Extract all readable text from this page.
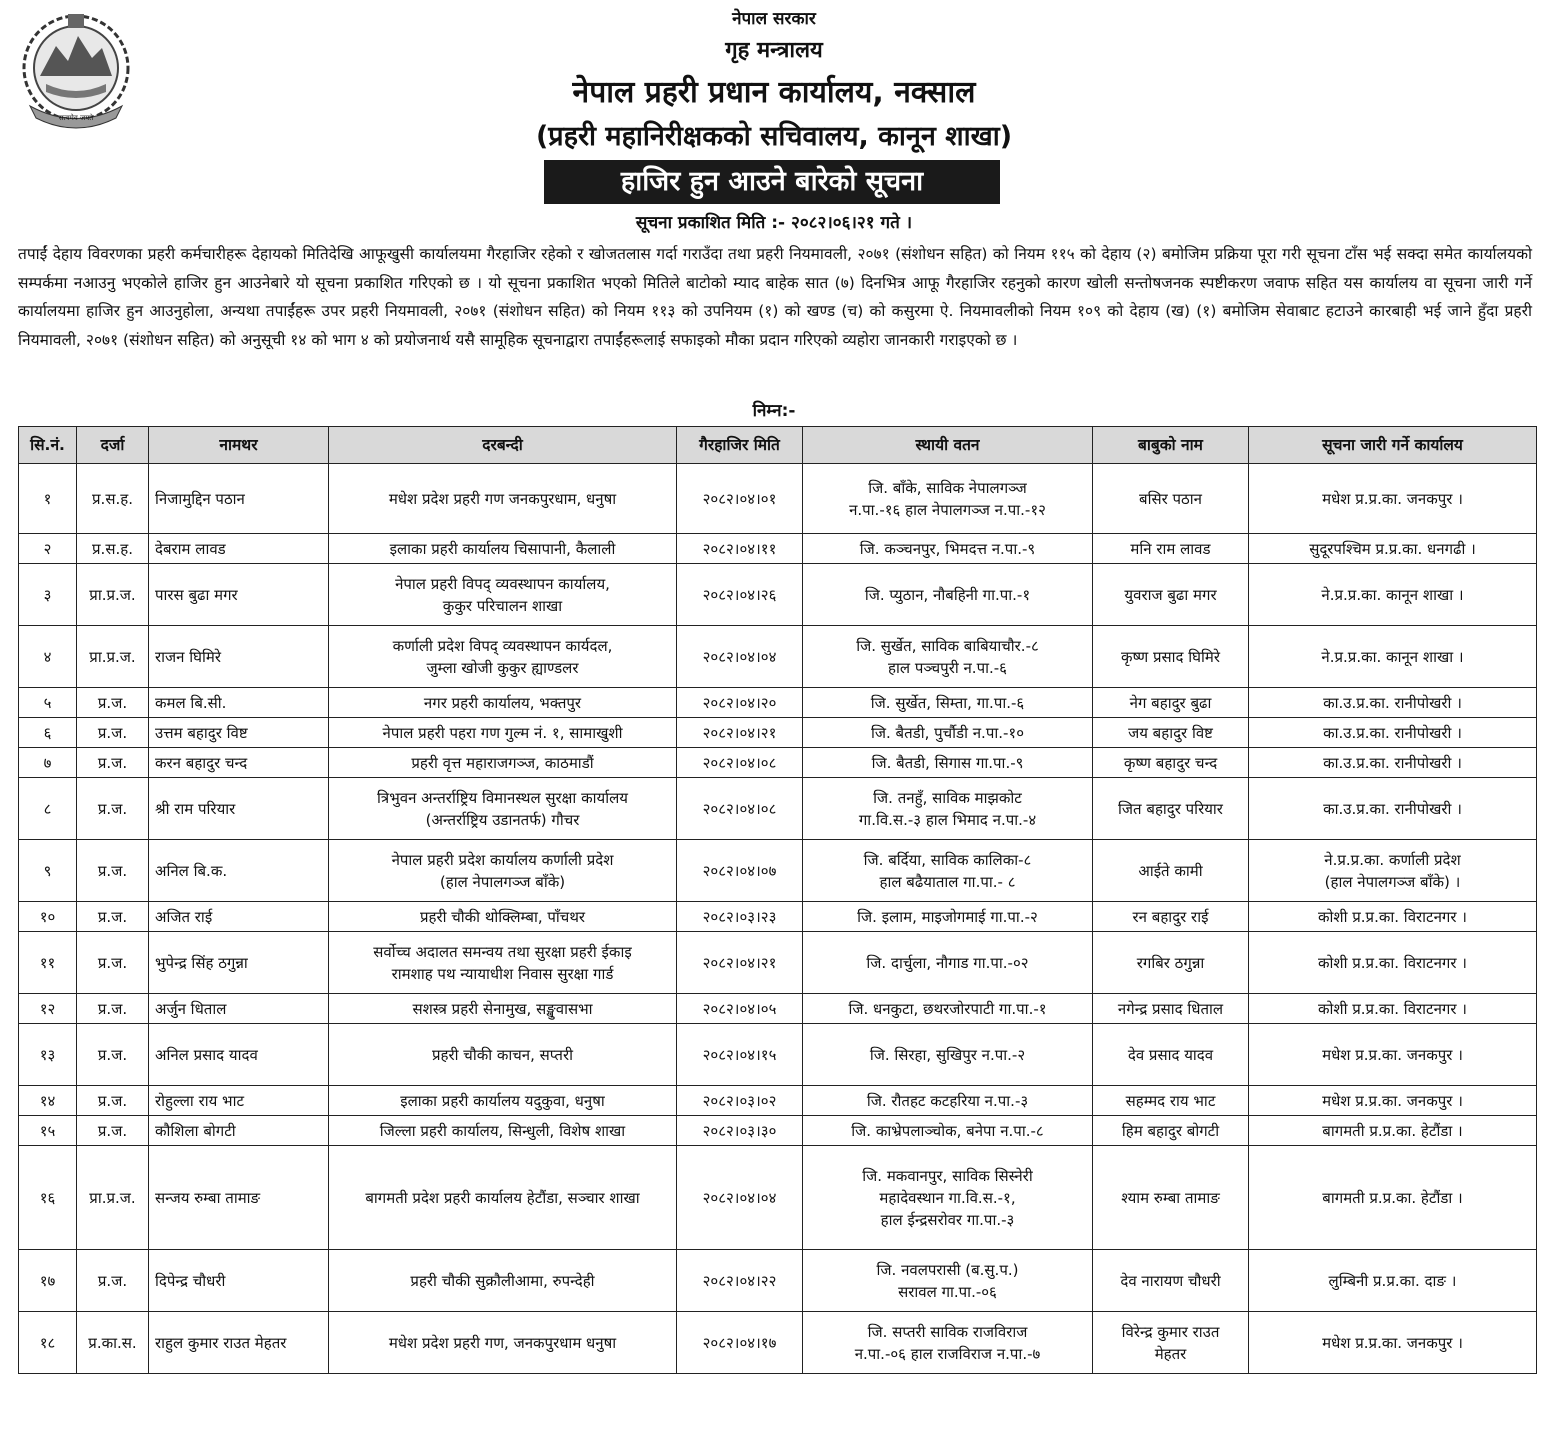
सत्यमेव जयते
नेपाल सरकार
गृह मन्त्रालय
नेपाल प्रहरी प्रधान कार्यालय, नक्साल
(प्रहरी महानिरीक्षकको सचिवालय, कानून शाखा)
हाजिर हुन आउने बारेको सूचना
सूचना प्रकाशित मिति :- २०८२।०६।२१ गते ।
तपाईं देहाय विवरणका प्रहरी कर्मचारीहरू देहायको मितिदेखि आफूखुसी कार्यालयमा गैरहाजिर रहेको र खोजतलास गर्दा गराउँदा तथा प्रहरी नियमावली, २०७१ (संशोधन सहित) को नियम ११५ को देहाय (२) बमोजिम प्रक्रिया पूरा गरी सूचना टाँस भई सक्दा समेत कार्यालयको सम्पर्कमा नआउनु भएकोले हाजिर हुन आउनेबारे यो सूचना प्रकाशित गरिएको छ । यो सूचना प्रकाशित भएको मितिले बाटोको म्याद बाहेक सात (७) दिनभित्र आफू गैरहाजिर रहनुको कारण खोली सन्तोषजनक स्पष्टीकरण जवाफ सहित यस कार्यालय वा सूचना जारी गर्ने कार्यालयमा हाजिर हुन आउनुहोला, अन्यथा तपाईंहरू उपर प्रहरी नियमावली, २०७१ (संशोधन सहित) को नियम ११३ को उपनियम (१) को खण्ड (च) को कसुरमा ऐ. नियमावलीको नियम १०९ को देहाय (ख) (१) बमोजिम सेवाबाट हटाउने कारबाही भई जाने हुँदा प्रहरी नियमावली, २०७१ (संशोधन सहित) को अनुसूची १४ को भाग ४ को प्रयोजनार्थ यसै सामूहिक सूचनाद्वारा तपाईंहरूलाई सफाइको मौका प्रदान गरिएको व्यहोरा जानकारी गराइएको छ ।
निम्न:-
सि.नं.	दर्जा	नामथर	दरबन्दी	गैरहाजिर मिति	स्थायी वतन	बाबुको नाम	सूचना जारी गर्ने कार्यालय
१	प्र.स.ह.	निजामुद्दिन पठान	मधेश प्रदेश प्रहरी गण जनकपुरधाम, धनुषा	२०८२।०४।०१	जि. बाँके, साविक नेपालगञ्ज
न.पा.-१६ हाल नेपालगञ्ज न.पा.-१२	बसिर पठान	मधेश प्र.प्र.का. जनकपुर ।

२	प्र.स.ह.	देबराम लावड	इलाका प्रहरी कार्यालय चिसापानी, कैलाली	२०८२।०४।११	जि. कञ्चनपुर, भिमदत्त न.पा.-९	मनि राम लावड	सुदूरपश्चिम प्र.प्र.का. धनगढी ।

३	प्रा.प्र.ज.	पारस बुढा मगर	नेपाल प्रहरी विपद् व्यवस्थापन कार्यालय,
कुकुर परिचालन शाखा	२०८२।०४।२६	जि. प्युठान, नौबहिनी गा.पा.-१	युवराज बुढा मगर	ने.प्र.प्र.का. कानून शाखा ।

४	प्रा.प्र.ज.	राजन घिमिरे	कर्णाली प्रदेश विपद् व्यवस्थापन कार्यदल,
जुम्ला खोजी कुकुर ह्याण्डलर	२०८२।०४।०४	जि. सुर्खेत, साविक बाबियाचौर.-८
हाल पञ्चपुरी न.पा.-६	कृष्ण प्रसाद घिमिरे	ने.प्र.प्र.का. कानून शाखा ।

५	प्र.ज.	कमल बि.सी.	नगर प्रहरी कार्यालय, भक्तपुर	२०८२।०४।२०	जि. सुर्खेत, सिम्ता, गा.पा.-६	नेग बहादुर बुढा	का.उ.प्र.का. रानीपोखरी ।

६	प्र.ज.	उत्तम बहादुर विष्ट	नेपाल प्रहरी पहरा गण गुल्म नं. १, सामाखुशी	२०८२।०४।२१	जि. बैतडी, पुर्चौडी न.पा.-१०	जय बहादुर विष्ट	का.उ.प्र.का. रानीपोखरी ।

७	प्र.ज.	करन बहादुर चन्द	प्रहरी वृत्त महाराजगञ्ज, काठमाडौं	२०८२।०४।०८	जि. बैतडी, सिगास गा.पा.-९	कृष्ण बहादुर चन्द	का.उ.प्र.का. रानीपोखरी ।

८	प्र.ज.	श्री राम परियार	त्रिभुवन अन्तर्राष्ट्रिय विमानस्थल सुरक्षा कार्यालय
(अन्तर्राष्ट्रिय उडानतर्फ) गौचर	२०८२।०४।०८	जि. तनहुँ, साविक माझकोट
गा.वि.स.-३ हाल भिमाद न.पा.-४	जित बहादुर परियार	का.उ.प्र.का. रानीपोखरी ।

९	प्र.ज.	अनिल बि.क.	नेपाल प्रहरी प्रदेश कार्यालय कर्णाली प्रदेश
(हाल नेपालगञ्ज बाँके)	२०८२।०४।०७	जि. बर्दिया, साविक कालिका-८
हाल बढैयाताल गा.पा.- ८	आईते कामी	ने.प्र.प्र.का. कर्णाली प्रदेश
(हाल नेपालगञ्ज बाँके) ।

१०	प्र.ज.	अजित राई	प्रहरी चौकी थोक्लिम्बा, पाँचथर	२०८२।०३।२३	जि. इलाम, माइजोगमाई गा.पा.-२	रन बहादुर राई	कोशी प्र.प्र.का. विराटनगर ।

११	प्र.ज.	भुपेन्द्र सिंह ठगुन्ना	सर्वोच्च अदालत समन्वय तथा सुरक्षा प्रहरी ईकाइ
रामशाह पथ न्यायाधीश निवास सुरक्षा गार्ड	२०८२।०४।२१	जि. दार्चुला, नौगाड गा.पा.-०२	रगबिर ठगुन्ना	कोशी प्र.प्र.का. विराटनगर ।

१२	प्र.ज.	अर्जुन धिताल	सशस्त्र प्रहरी सेनामुख, सङ्खुवासभा	२०८२।०४।०५	जि. धनकुटा, छथरजोरपाटी गा.पा.-१	नगेन्द्र प्रसाद धिताल	कोशी प्र.प्र.का. विराटनगर ।

१३	प्र.ज.	अनिल प्रसाद यादव	प्रहरी चौकी काचन, सप्तरी	२०८२।०४।१५	जि. सिरहा, सुखिपुर न.पा.-२	देव प्रसाद यादव	मधेश प्र.प्र.का. जनकपुर ।

१४	प्र.ज.	रोहुल्ला राय भाट	इलाका प्रहरी कार्यालय यदुकुवा, धनुषा	२०८२।०३।०२	जि. रौतहट कटहरिया न.पा.-३	सहम्मद राय भाट	मधेश प्र.प्र.का. जनकपुर ।

१५	प्र.ज.	कौशिला बोगटी	जिल्ला प्रहरी कार्यालय, सिन्धुली, विशेष शाखा	२०८२।०३।३०	जि. काभ्रेपलाञ्चोक, बनेपा न.पा.-८	हिम बहादुर बोगटी	बागमती प्र.प्र.का. हेटौंडा ।

१६	प्रा.प्र.ज.	सन्जय रुम्बा तामाङ	बागमती प्रदेश प्रहरी कार्यालय हेटौंडा, सञ्चार शाखा	२०८२।०४।०४	जि. मकवानपुर, साविक सिस्नेरी
महादेवस्थान गा.वि.स.-१,
हाल ईन्द्रसरोवर गा.पा.-३	श्याम रुम्बा तामाङ	बागमती प्र.प्र.का. हेटौंडा ।

१७	प्र.ज.	दिपेन्द्र चौधरी	प्रहरी चौकी सुक्रौलीआमा, रुपन्देही	२०८२।०४।२२	जि. नवलपरासी (ब.सु.प.)
सरावल गा.पा.-०६	देव नारायण चौधरी	लुम्बिनी प्र.प्र.का. दाङ ।

१८	प्र.का.स.	राहुल कुमार राउत मेहतर	मधेश प्रदेश प्रहरी गण, जनकपुरधाम धनुषा	२०८२।०४।१७	जि. सप्तरी साविक राजविराज
न.पा.-०६ हाल राजविराज न.पा.-७	विरेन्द्र कुमार राउत
मेहतर	मधेश प्र.प्र.का. जनकपुर ।
